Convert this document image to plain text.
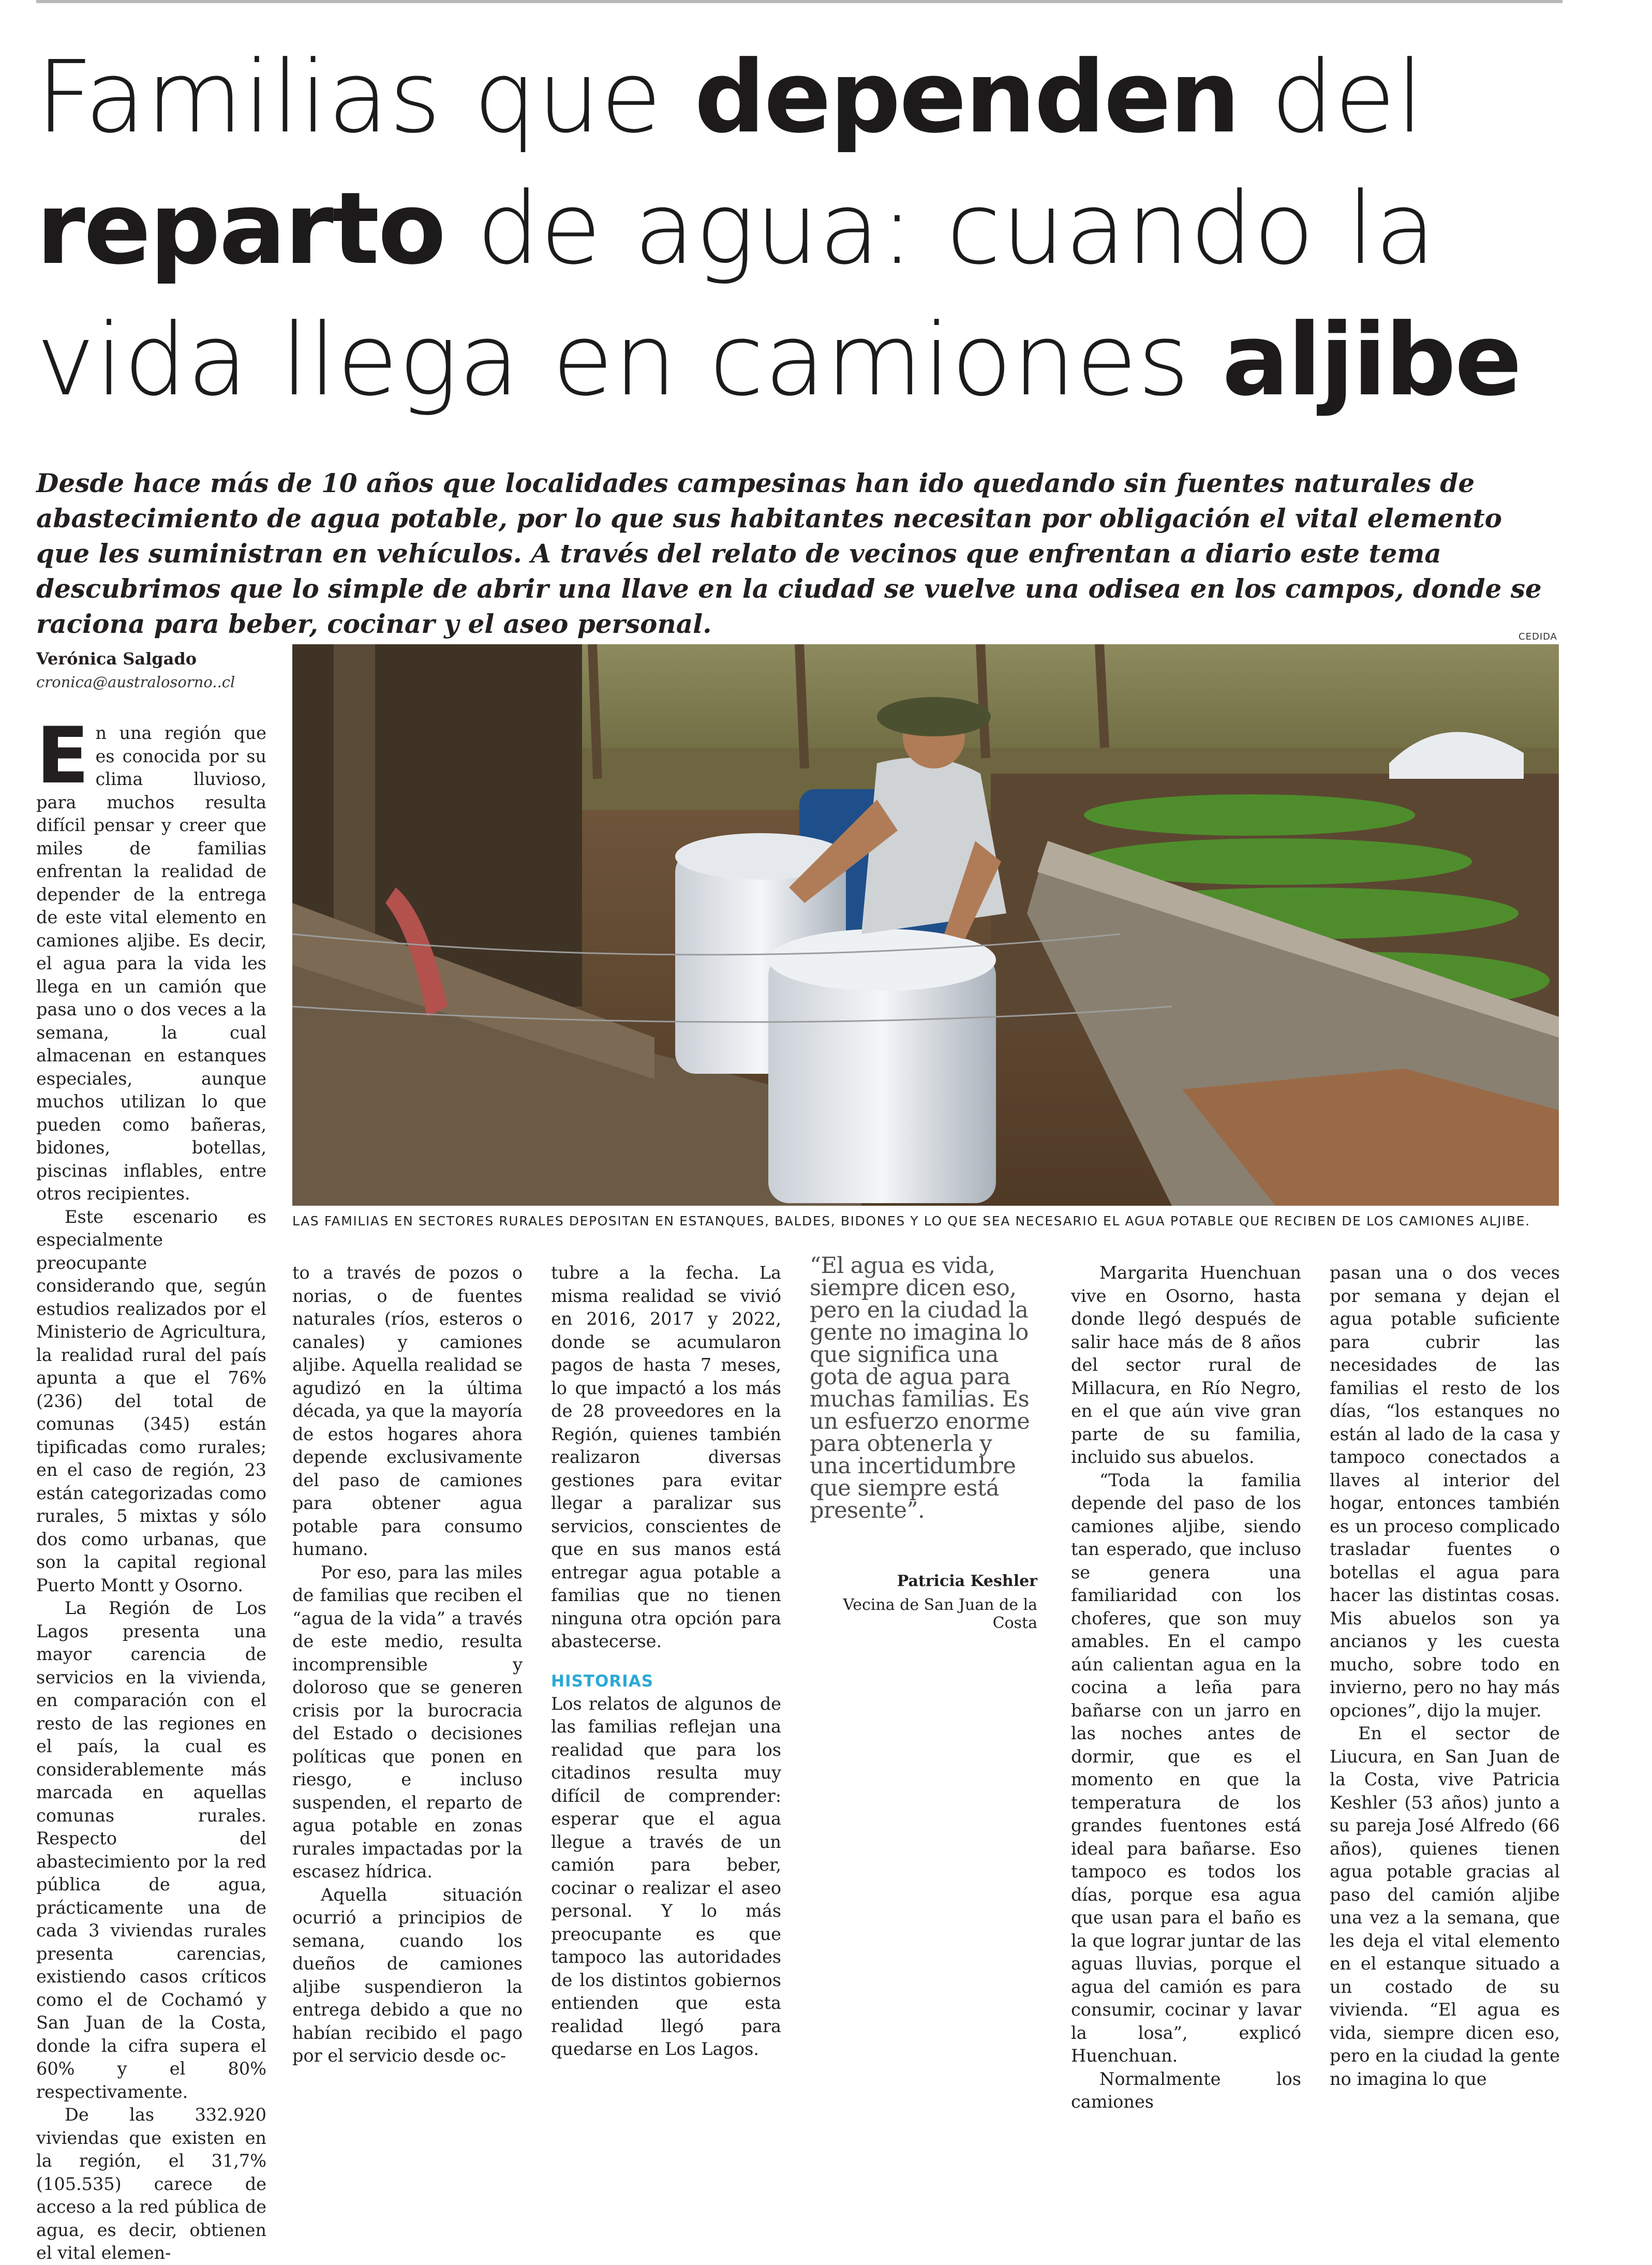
Familias que dependen del
reparto de agua: cuando la
vida llega en camiones aljibe
Desde hace más de 10 años que localidades campesinas han ido quedando sin fuentes naturales de abastecimiento de agua potable, por lo que sus habitantes necesitan por obligación el vital elemento que les suministran en vehículos. A través del relato de vecinos que enfrentan a diario este tema descubrimos que lo simple de abrir una llave en la ciudad se vuelve una odisea en los campos, donde se raciona para beber, cocinar y el aseo personal.
Verónica Salgado
cronica@australosorno..cl
CEDIDA
LAS FAMILIAS EN SECTORES RURALES DEPOSITAN EN ESTANQUES, BALDES, BIDONES Y LO QUE SEA NECESARIO EL AGUA POTABLE QUE RECIBEN DE LOS CAMIONES ALJIBE.

En una región que es conocida por su clima lluvioso, para muchos resulta difícil pensar y creer que miles de familias enfrentan la realidad de depender de la entrega de este vital elemento en camiones aljibe. Es decir, el agua para la vida les llega en un camión que pasa uno o dos veces a la semana, la cual almacenan en estanques especiales, aunque muchos utilizan lo que pueden como bañeras, bidones, botellas, piscinas inflables, entre otros recipientes.

Este escenario es especialmente preocupante considerando que, según estudios realizados por el Ministerio de Agricultura, la realidad rural del país apunta a que el 76% (236) del total de comunas (345) están tipificadas como rurales; en el caso de región, 23 están categorizadas como rurales, 5 mixtas y sólo dos como urbanas, que son la capital regional Puerto Montt y Osorno.

La Región de Los Lagos presenta una mayor carencia de servicios en la vivienda, en comparación con el resto de las regiones en el país, la cual es considerablemente más marcada en aquellas comunas rurales. Respecto del abastecimiento por la red pública de agua, prácticamente una de cada 3 viviendas rurales presenta carencias, existiendo casos críticos como el de Cochamó y San Juan de la Costa, donde la cifra supera el 60% y el 80% respectivamente.

De las 332.920 viviendas que existen en la región, el 31,7% (105.535) carece de acceso a la red pública de agua, es decir, obtienen el vital elemen-

to a través de pozos o norias, o de fuentes naturales (ríos, esteros o canales) y camiones aljibe. Aquella realidad se agudizó en la última década, ya que la mayoría de estos hogares ahora depende exclusivamente del paso de camiones para obtener agua potable para consumo humano.

Por eso, para las miles de familias que reciben el “agua de la vida” a través de este medio, resulta incomprensible y doloroso que se generen crisis por la burocracia del Estado o decisiones políticas que ponen en riesgo, e incluso suspenden, el reparto de agua potable en zonas rurales impactadas por la escasez hídrica.

Aquella situación ocurrió a principios de semana, cuando los dueños de camiones aljibe suspendieron la entrega debido a que no habían recibido el pago por el servicio desde oc-

tubre a la fecha. La misma realidad se vivió en 2016, 2017 y 2022, donde se acumularon pagos de hasta 7 meses, lo que impactó a los más de 28 proveedores en la Región, quienes también realizaron diversas gestiones para evitar llegar a paralizar sus servicios, conscientes de que en sus manos está entregar agua potable a familias que no tienen ninguna otra opción para abastecerse.

HISTORIAS

Los relatos de algunos de las familias reflejan una realidad que para los citadinos resulta muy difícil de comprender: esperar que el agua llegue a través de un camión para beber, cocinar o realizar el aseo personal. Y lo más preocupante es que tampoco las autoridades de los distintos gobiernos entienden que esta realidad llegó para quedarse en Los Lagos.

“El agua es vida, siempre dicen eso, pero en la ciudad la gente no imagina lo que significa una gota de agua para muchas familias. Es un esfuerzo enorme para obtenerla y una incertidumbre que siempre está presente”.
Patricia Keshler
Vecina de San Juan de la Costa

Margarita Huenchuan vive en Osorno, hasta donde llegó después de salir hace más de 8 años del sector rural de Millacura, en Río Negro, en el que aún vive gran parte de su familia, incluido sus abuelos.

“Toda la familia depende del paso de los camiones aljibe, siendo tan esperado, que incluso se genera una familiaridad con los choferes, que son muy amables. En el campo aún calientan agua en la cocina a leña para bañarse con un jarro en las noches antes de dormir, que es el momento en que la temperatura de los grandes fuentones está ideal para bañarse. Eso tampoco es todos los días, porque esa agua que usan para el baño es la que lograr juntar de las aguas lluvias, porque el agua del camión es para consumir, cocinar y lavar la losa”, explicó Huenchuan.

Normalmente los camiones

pasan una o dos veces por semana y dejan el agua potable suficiente para cubrir las necesidades de las familias el resto de los días, “los estanques no están al lado de la casa y tampoco conectados a llaves al interior del hogar, entonces también es un proceso complicado trasladar fuentes o botellas el agua para hacer las distintas cosas. Mis abuelos son ya ancianos y les cuesta mucho, sobre todo en invierno, pero no hay más opciones”, dijo la mujer.

En el sector de Liucura, en San Juan de la Costa, vive Patricia Keshler (53 años) junto a su pareja José Alfredo (66 años), quienes tienen agua potable gracias al paso del camión aljibe una vez a la semana, que les deja el vital elemento en el estanque situado a un costado de su vivienda. “El agua es vida, siempre dicen eso, pero en la ciudad la gente no imagina lo que
